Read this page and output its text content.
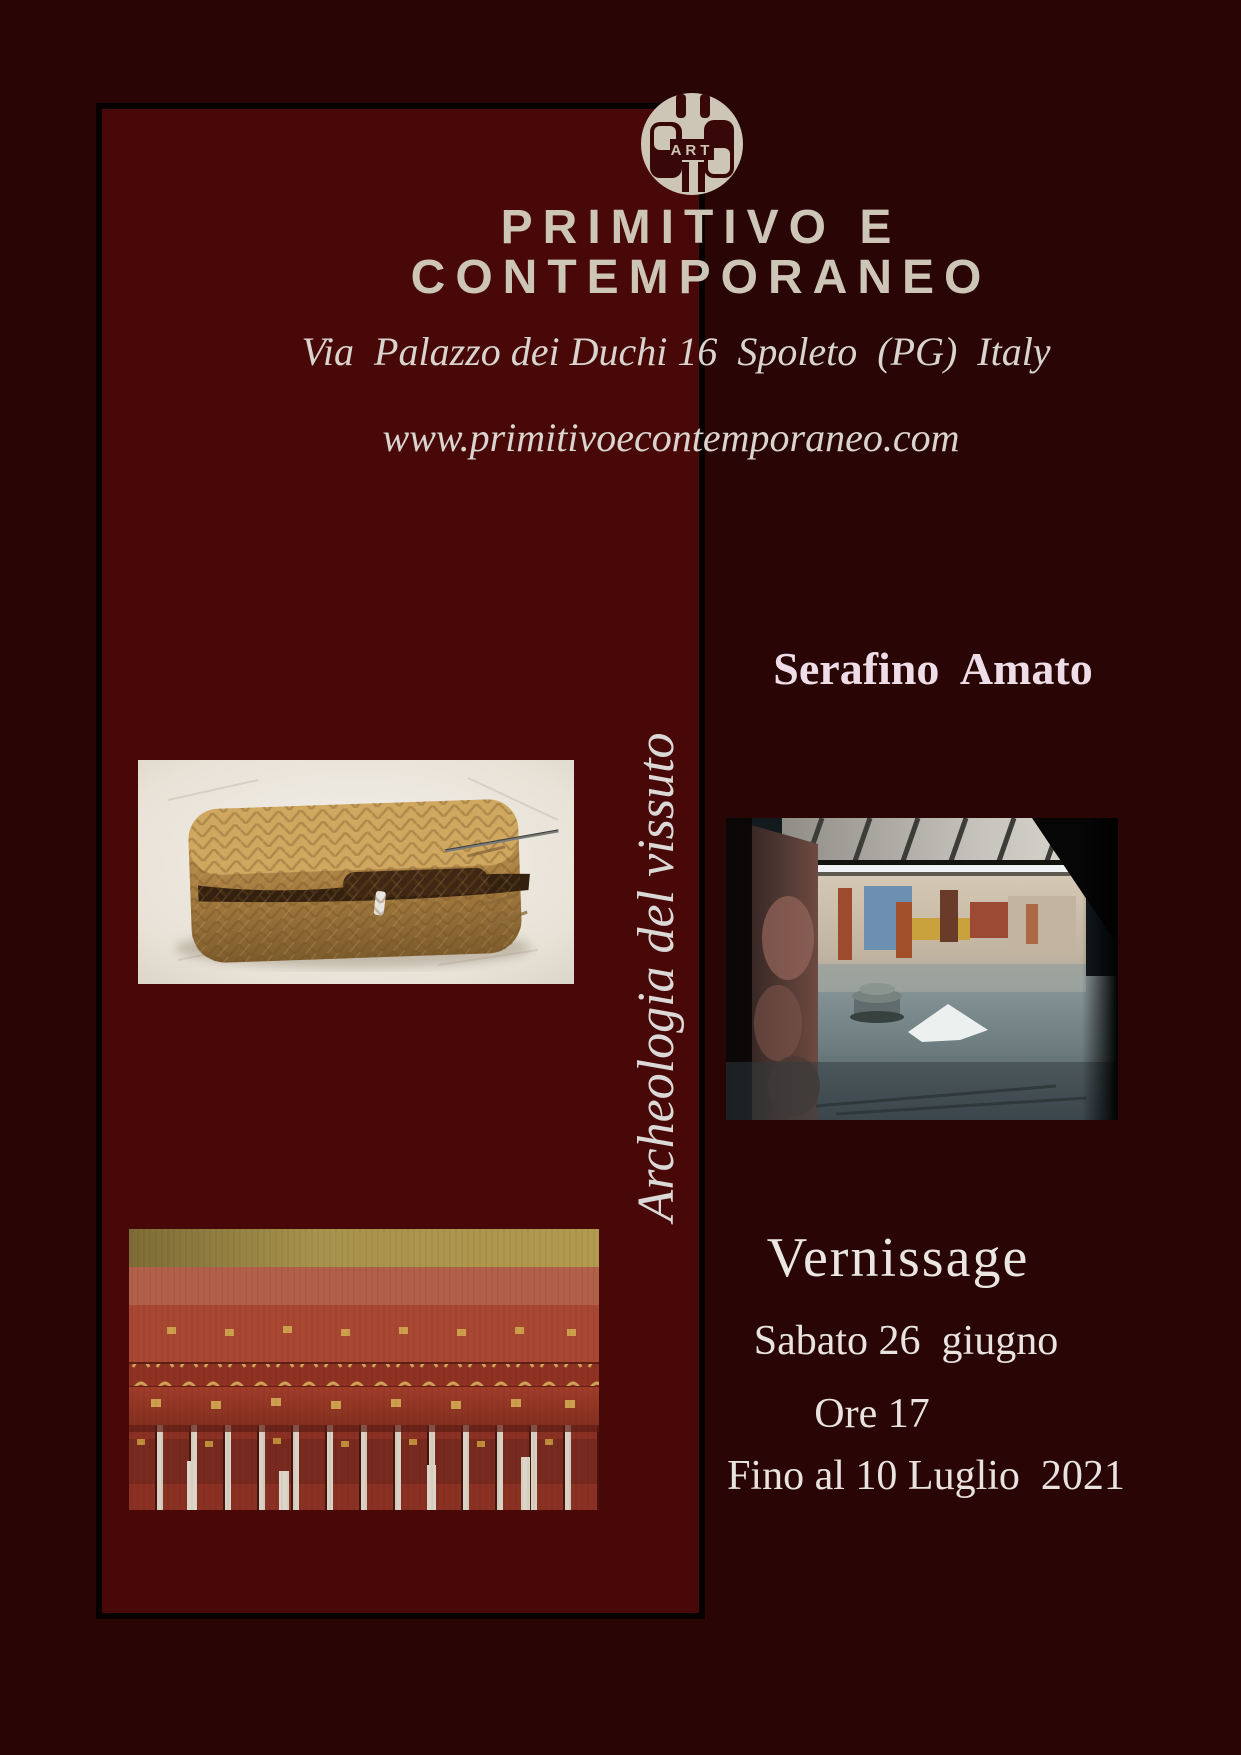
ART
PRIMITIVO E
CONTEMPORANEO
Via  Palazzo dei Duchi 16  Spoleto  (PG)  Italy
www.primitivoecontemporaneo.com
Serafino  Amato
Archeologia del vissuto
Vernissage
Sabato 26  giugno
Ore 17
Fino al 10 Luglio  2021
